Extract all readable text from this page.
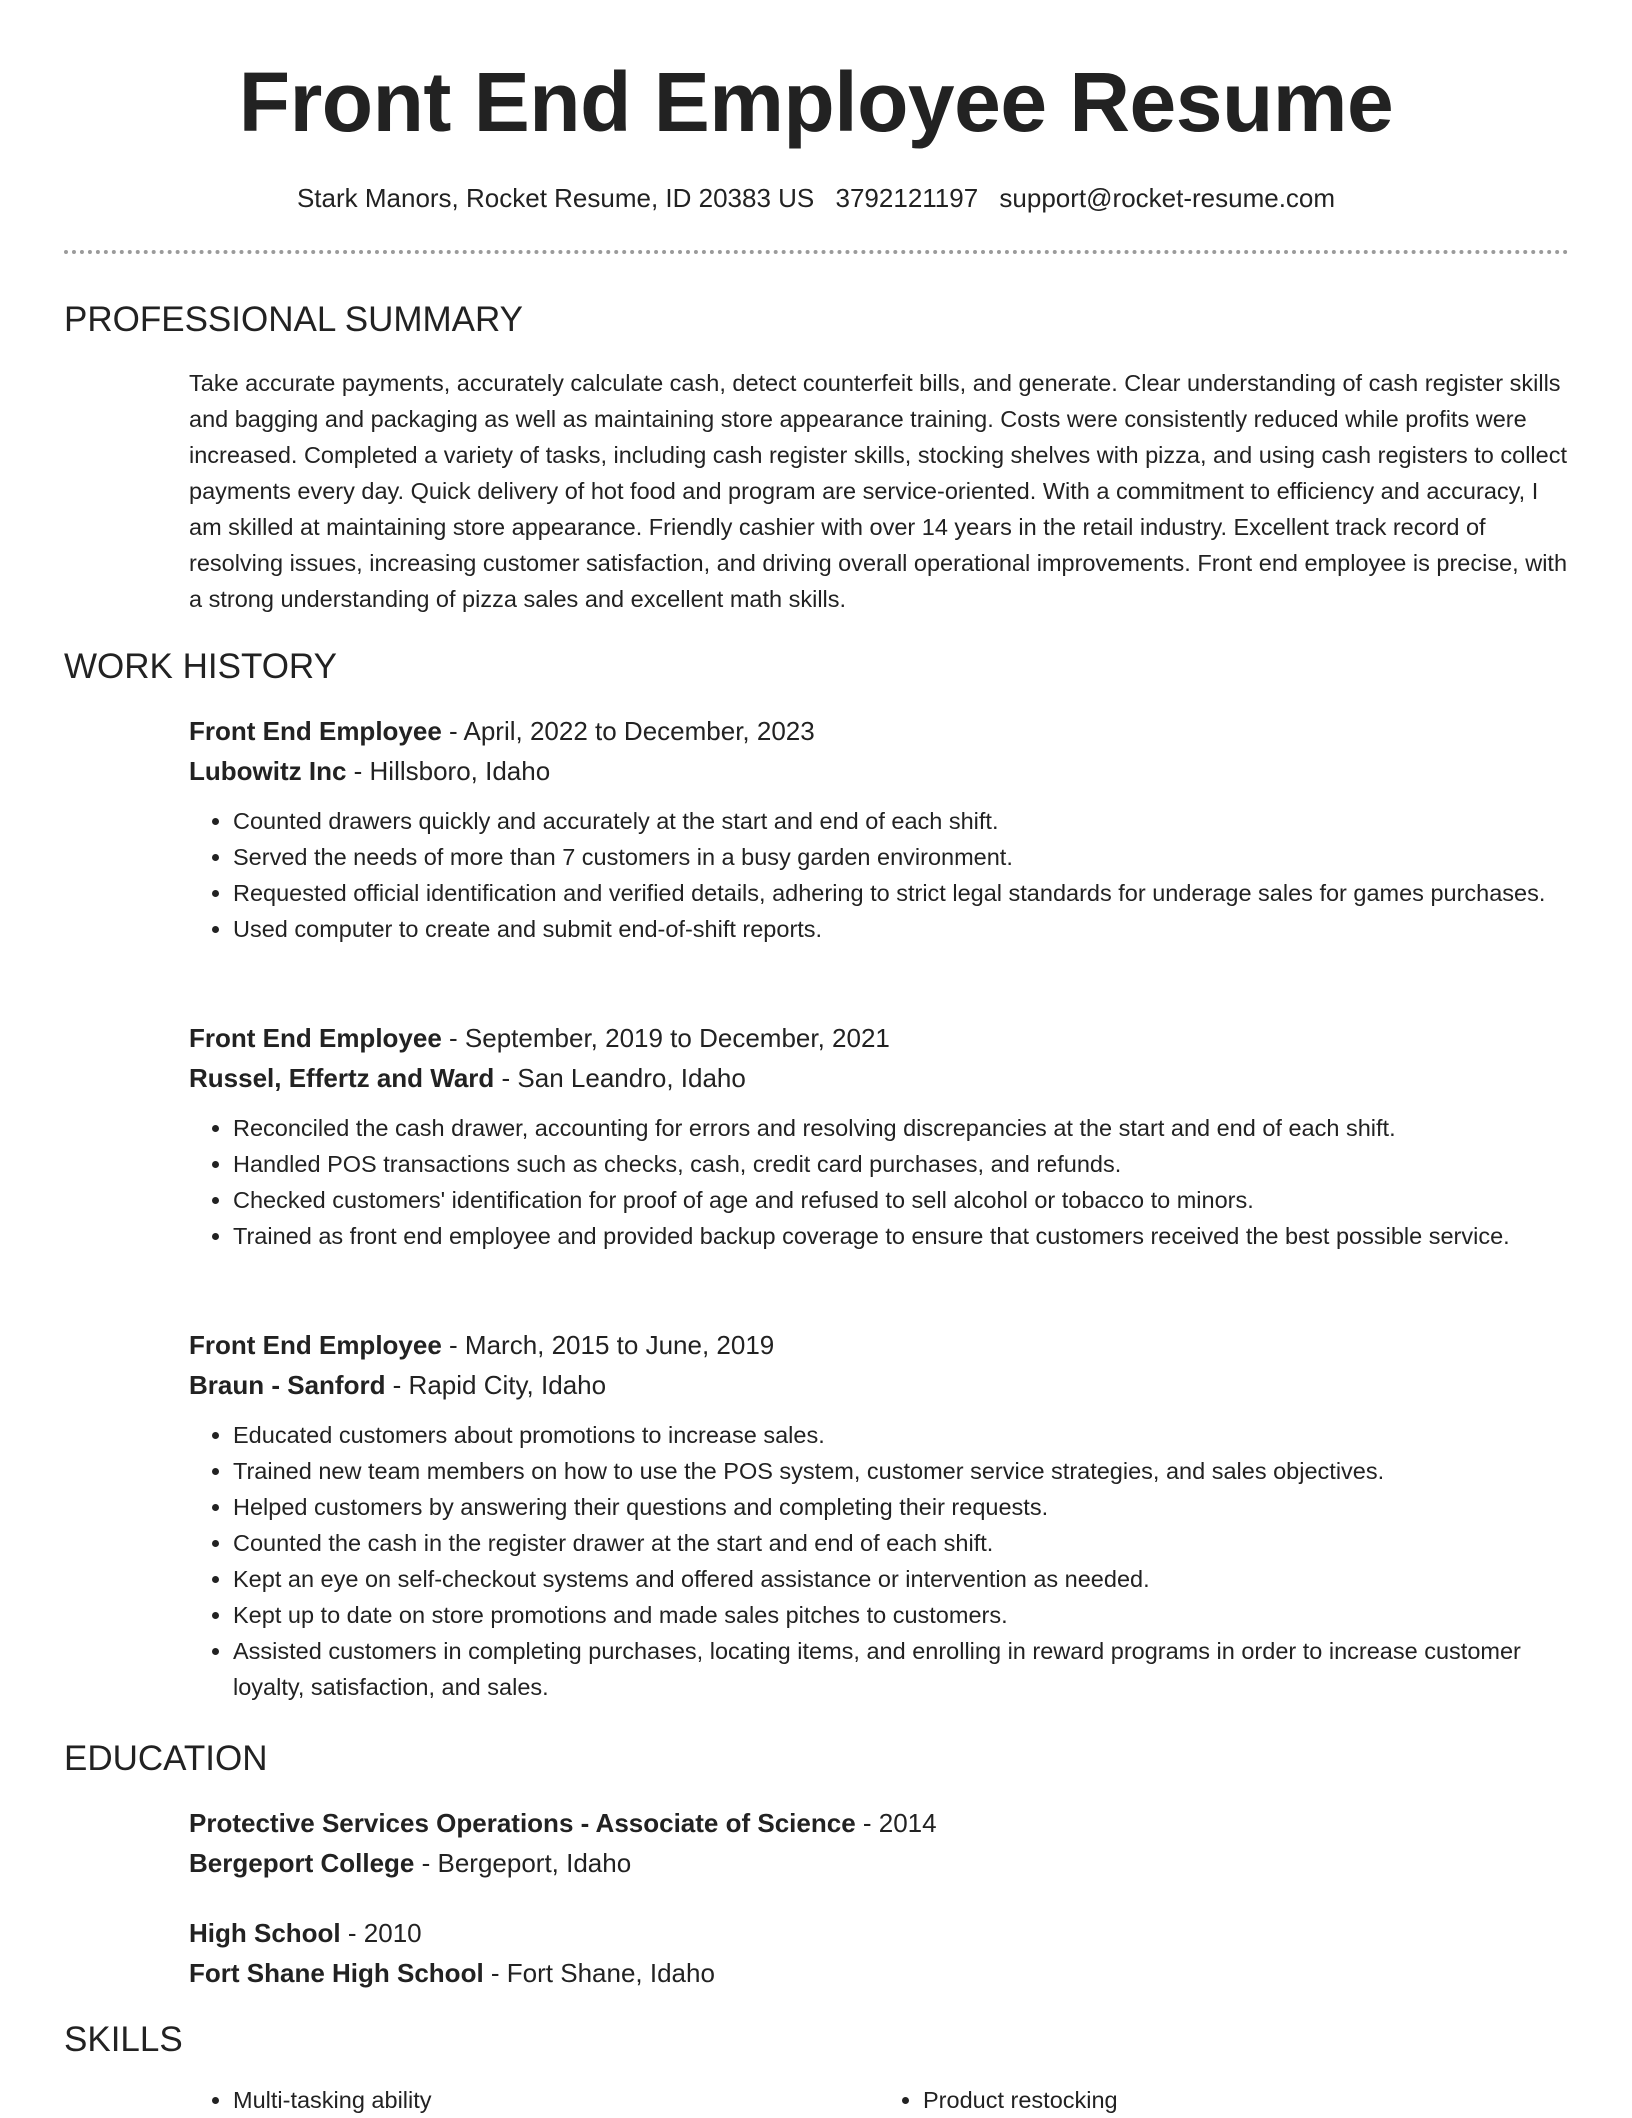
Front End Employee Resume
Stark Manors, Rocket Resume, ID 20383 US 3792121197 support@rocket-resume.com
PROFESSIONAL SUMMARY

Take accurate payments, accurately calculate cash, detect counterfeit bills, and generate. Clear understanding of cash register skills and bagging and packaging as well as maintaining store appearance training. Costs were consistently reduced while profits were increased. Completed a variety of tasks, including cash register skills, stocking shelves with pizza, and using cash registers to collect payments every day. Quick delivery of hot food and program are service-oriented. With a commitment to efficiency and accuracy, I am skilled at maintaining store appearance. Friendly cashier with over 14 years in the retail industry. Excellent track record of resolving issues, increasing customer satisfaction, and driving overall operational improvements. Front end employee is precise, with a strong understanding of pizza sales and excellent math skills.

WORK HISTORY
Front End Employee - April, 2022 to December, 2023
Lubowitz Inc - Hillsboro, Idaho
• Counted drawers quickly and accurately at the start and end of each shift.
• Served the needs of more than 7 customers in a busy garden environment.
• Requested official identification and verified details, adhering to strict legal standards for underage sales for games purchases.
• Used computer to create and submit end-of-shift reports.
Front End Employee - September, 2019 to December, 2021
Russel, Effertz and Ward - San Leandro, Idaho
• Reconciled the cash drawer, accounting for errors and resolving discrepancies at the start and end of each shift.
• Handled POS transactions such as checks, cash, credit card purchases, and refunds.
• Checked customers' identification for proof of age and refused to sell alcohol or tobacco to minors.
• Trained as front end employee and provided backup coverage to ensure that customers received the best possible service.
Front End Employee - March, 2015 to June, 2019
Braun - Sanford - Rapid City, Idaho
• Educated customers about promotions to increase sales.
• Trained new team members on how to use the POS system, customer service strategies, and sales objectives.
• Helped customers by answering their questions and completing their requests.
• Counted the cash in the register drawer at the start and end of each shift.
• Kept an eye on self-checkout systems and offered assistance or intervention as needed.
• Kept up to date on store promotions and made sales pitches to customers.
• Assisted customers in completing purchases, locating items, and enrolling in reward programs in order to increase customer loyalty, satisfaction, and sales.
EDUCATION
Protective Services Operations - Associate of Science - 2014
Bergeport College - Bergeport, Idaho
High School - 2010
Fort Shane High School - Fort Shane, Idaho
SKILLS
• Multi-tasking ability
•	Product restocking
